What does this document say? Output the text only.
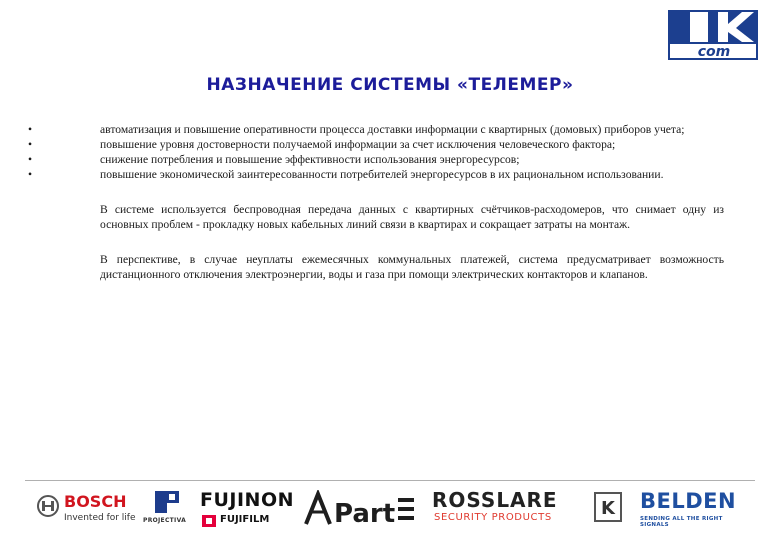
com
НАЗНАЧЕНИЕ СИСТЕМЫ «ТЕЛЕМЕР»
•	автоматизация и повышение оперативности процесса доставки информации с квартирных (домовых) приборов учета;
•	повышение уровня достоверности получаемой информации за счет исключения человеческого фактора;
•	снижение потребления и повышение эффективности использования энергоресурсов;
•	повышение экономической заинтересованности потребителей энергоресурсов в их рациональном использовании.

В системе используется беспроводная передача данных с квартирных счётчиков-расходомеров, что снимает одну из основных проблем - прокладку новых кабельных линий связи в квартирах и сокращает затраты на монтаж.

В перспективе, в случае неуплаты ежемесячных коммунальных платежей, система предусматривает возможность дистанционного отключения электроэнергии, воды и газа при помощи электрических контакторов и клапанов.

BOSCH
Invented for life PROJECTIVA
FUJINON
FUJIFILM Part ROSSLARE
SECURITY PRODUCTS	K BELDEN
SENDING ALL THE RIGHT SIGNALS
